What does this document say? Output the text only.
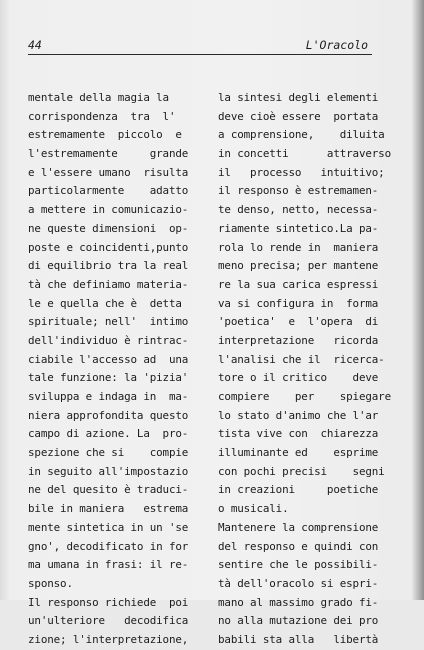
44	L'Oracolo
mentale della magia la
corrispondenza  tra  l'
estremamente  piccolo  e
l'estremamente     grande
e l'essere umano  risulta
particolarmente    adatto
a mettere in comunicazio-
ne queste dimensioni  op-
poste e coincidenti,punto
di equilibrio tra la real
tà che definiamo materia-
le e quella che è  detta
spirituale; nell'  intimo
dell'individuo è rintrac-
ciabile l'accesso ad  una
tale funzione: la 'pizia'
sviluppa e indaga in  ma-
niera approfondita questo
campo di azione. La  pro-
spezione che si    compie
in seguito all'impostazio
ne del quesito è traduci-
bile in maniera   estrema
mente sintetica in un 'se
gno', decodificato in for
ma umana in frasi: il re-
sponso.
Il responso richiede  poi
un'ulteriore   decodifica
zione; l'interpretazione,
la sintesi degli elementi
deve cioè essere  portata
a comprensione,    diluita
in concetti      attraverso
il   processo   intuitivo;
il responso è estremamen-
te denso, netto, necessa-
riamente sintetico.La pa-
rola lo rende in  maniera
meno precisa; per mantene
re la sua carica espressi
va si configura in  forma
'poetica'  e  l'opera  di
interpretazione   ricorda
l'analisi che il  ricerca-
tore o il critico    deve
compiere    per    spiegare
lo stato d'animo che l'ar
tista vive con  chiarezza
illuminante ed    esprime
con pochi precisi    segni
in creazioni     poetiche
o musicali.
Mantenere la comprensione
del responso e quindi con
sentire che le possibili-
tà dell'oracolo si espri-
mano al massimo grado fi-
no alla mutazione dei pro
babili sta alla   libertà
